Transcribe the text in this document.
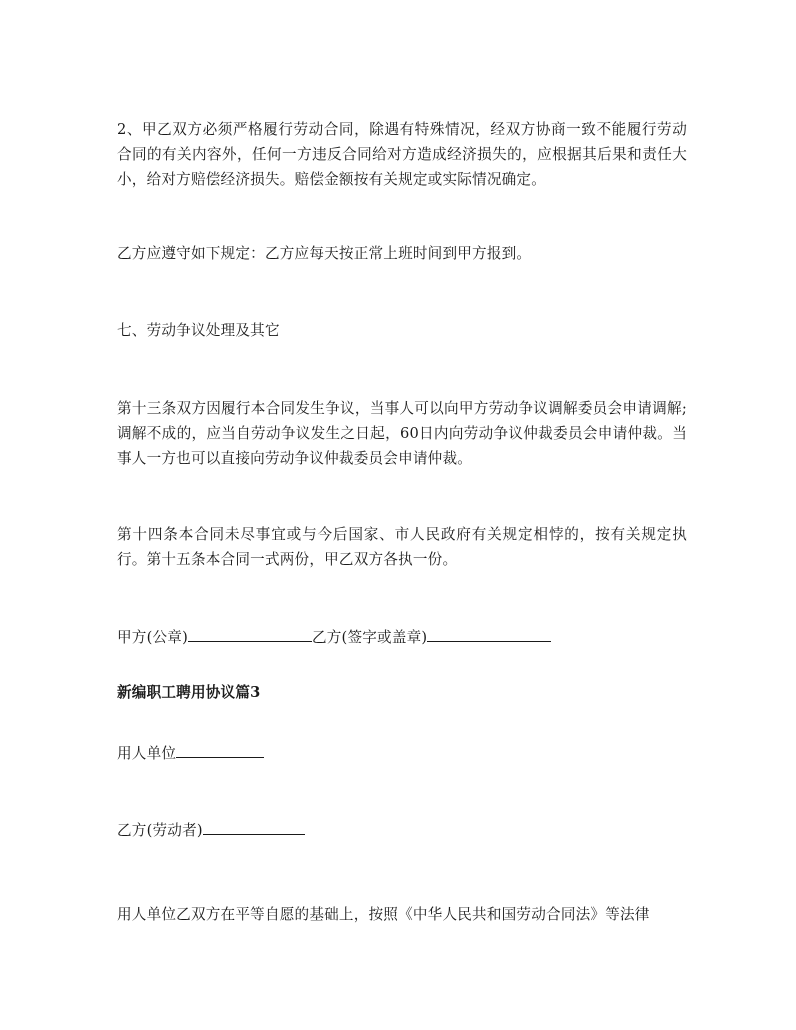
2、甲乙双方必须严格履行劳动合同，除遇有特殊情况，经双方协商一致不能履行劳动合同的有关内容外，任何一方违反合同给对方造成经济损失的，应根据其后果和责任大小，给对方赔偿经济损失。赔偿金额按有关规定或实际情况确定。

乙方应遵守如下规定：乙方应每天按正常上班时间到甲方报到。

七、劳动争议处理及其它

第十三条双方因履行本合同发生争议，当事人可以向甲方劳动争议调解委员会申请调解;调解不成的，应当自劳动争议发生之日起，60日内向劳动争议仲裁委员会申请仲裁。当事人一方也可以直接向劳动争议仲裁委员会申请仲裁。

第十四条本合同未尽事宜或与今后国家、市人民政府有关规定相悖的，按有关规定执行。第十五条本合同一式两份，甲乙双方各执一份。

甲方(公章)	乙方(签字或盖章)

新编职工聘用协议篇3

用人单位

乙方(劳动者)

用人单位乙双方在平等自愿的基础上，按照《中华人民共和国劳动合同法》等法律
